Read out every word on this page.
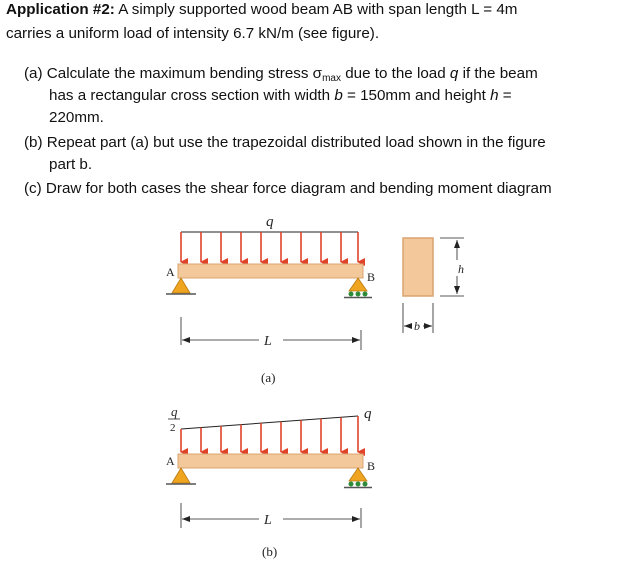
Application #2: A simply supported wood beam AB with span length L = 4m
carries a uniform load of intensity 6.7 kN/m (see figure).
(a) Calculate the maximum bending stress $\sigma_{max}$ due to the load q if the beam
has a rectangular cross section with width b = 150mm and height h =
220mm.
(b) Repeat part (a) but use the trapezoidal distributed load shown in the figure
part b.
(c) Draw for both cases the shear force diagram and bending moment diagram
q
A	B
L
(a)
h
b
q
2
q
A	B
L
(b)
